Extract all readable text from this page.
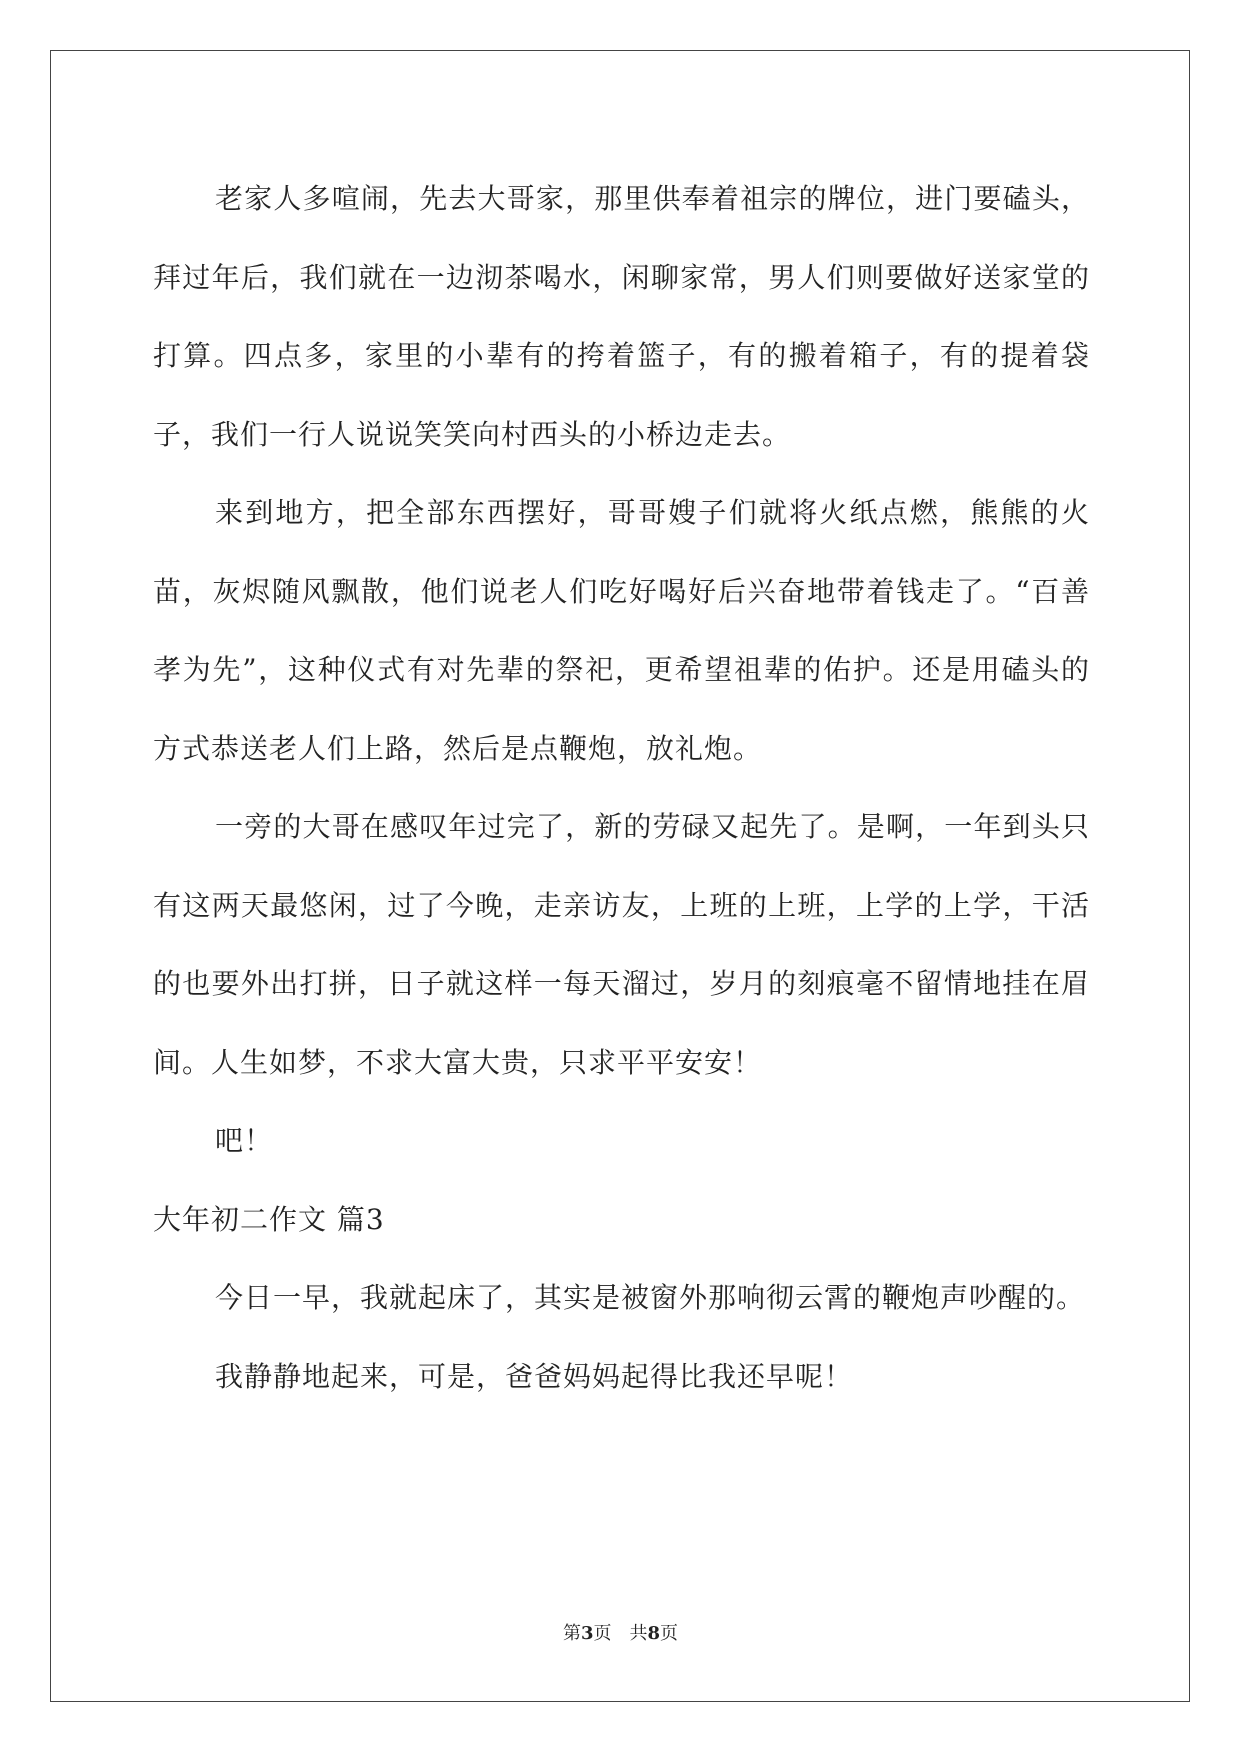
老家人多喧闹，先去大哥家，那里供奉着祖宗的牌位，进门要磕头，拜过年后，我们就在一边沏茶喝水，闲聊家常，男人们则要做好送家堂的打算。四点多，家里的小辈有的挎着篮子，有的搬着箱子，有的提着袋子，我们一行人说说笑笑向村西头的小桥边走去。

来到地方，把全部东西摆好，哥哥嫂子们就将火纸点燃，熊熊的火苗，灰烬随风飘散，他们说老人们吃好喝好后兴奋地带着钱走了。“百善孝为先”，这种仪式有对先辈的祭祀，更希望祖辈的佑护。还是用磕头的方式恭送老人们上路，然后是点鞭炮，放礼炮。

一旁的大哥在感叹年过完了，新的劳碌又起先了。是啊，一年到头只有这两天最悠闲，过了今晚，走亲访友，上班的上班，上学的上学，干活的也要外出打拼，日子就这样一每天溜过，岁月的刻痕毫不留情地挂在眉间。人生如梦，不求大富大贵，只求平平安安！

吧！

大年初二作文 篇3

今日一早，我就起床了，其实是被窗外那响彻云霄的鞭炮声吵醒的。

我静静地起来，可是，爸爸妈妈起得比我还早呢！

第3页 共8页
